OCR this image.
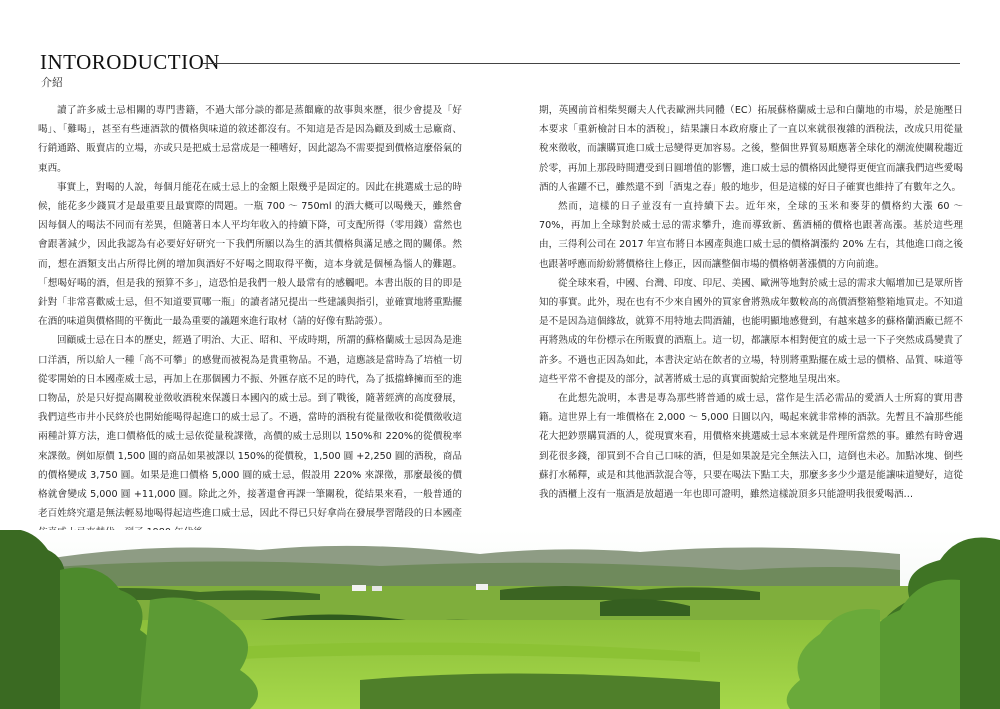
INTORODUCTION
介紹

讀了許多威士忌相關的專門書籍，不過大部分談的都是蒸餾廠的故事與來歷，很少會提及「好喝」、「難喝」，甚至有些連酒款的價格與味道的敘述都沒有。不知這是否是因為顧及到威士忌廠商、行銷通路、販賣店的立場，亦或只是把威士忌當成是一種嗜好，因此認為不需要提到價格這麼俗氣的東西。

事實上，對喝的人說，每個月能花在威士忌上的金額上限幾乎是固定的。因此在挑選威士忌的時候，能花多少錢買才是最重要且最實際的問題。一瓶 700 ～ 750ml 的酒大概可以喝幾天，雖然會因每個人的喝法不同而有差異，但隨著日本人平均年收入的持續下降，可支配所得（零用錢）當然也會跟著減少，因此我認為有必要好好研究一下我們所願以為生的酒其價格與滿足感之間的關係。然而，想在酒類支出占所得比例的增加與酒好不好喝之間取得平衡，這本身就是個極為惱人的難題。「想喝好喝的酒，但是我的預算不多」，這恐怕是我們一般人最常有的感觸吧。本書出版的目的即是針對「非常喜歡威士忌，但不知道要買哪一瓶」的讀者諸兄提出一些建議與指引，並確實地將重點擺在酒的味道與價格間的平衡此一最為重要的議題來進行取材（請的好像有點誇張）。

回顧威士忌在日本的歷史，經過了明治、大正、昭和、平成時期，所謂的蘇格蘭威士忌因為是進口洋酒，所以給人一種「高不可攀」的感覺而被視為是貴重物品。不過，這應該是當時為了培植一切從零開始的日本國產威士忌，再加上在那個國力不振、外匯存底不足的時代，為了抵擋蜂擁而至的進口物品，於是只好提高關稅並徵收酒稅來保護日本國內的威士忌。到了戰後，隨著經濟的高度發展，我們這些市井小民終於也開始能喝得起進口的威士忌了。不過，當時的酒稅有從量徵收和從價徵收這兩種計算方法，進口價格低的威士忌依從量稅課徵，高價的威士忌則以 150%和 220%的從價稅率來課徵。例如原價 1,500 圓的商品如果被課以 150%的從價稅，1,500 圓 +2,250 圓的酒稅，商品的價格變成 3,750 圓。如果是進口價格 5,000 圓的威士忌，假設用 220% 來課徵，那麼最後的價格就會變成 5,000 圓 +11,000 圓。除此之外，接著還會再課一筆關稅，從結果來看，一般普通的老百姓終究還是無法輕易地喝得起這些進口威士忌，因此不得已只好拿尚在發展學習階段的日本國產

期，英國前首相柴契爾夫人代表歐洲共同體（EC）拓展蘇格蘭威士忌和白蘭地的市場，於是施壓日本要求「重新檢討日本的酒稅」，結果讓日本政府廢止了一直以來就很複雜的酒稅法，改成只用從量稅來徵收，而讓購買進口威士忌變得更加容易。之後，整個世界貿易順應著全球化的潮流使關稅趨近於零，再加上那段時間遭受到日圓增值的影響，進口威士忌的價格因此變得更便宜而讓我們這些愛喝酒的人雀躍不已，雖然還不到「酒鬼之春」般的地步，但是這樣的好日子確實也維持了有數年之久。

然而，這樣的日子並沒有一直持續下去。近年來，全球的玉米和麥芽的價格約大漲 60 ～ 70%，再加上全球對於威士忌的需求攀升，進而導致新、舊酒桶的價格也跟著高漲。基於這些理由，三得利公司在 2017 年宣布將日本國產與進口威士忌的價格調漲約 20% 左右，其他進口商之後也跟著呼應而紛紛將價格往上修正，因而讓整個市場的價格朝著漲價的方向前進。

從全球來看，中國、台灣、印度、印尼、美國、歐洲等地對於威士忌的需求大幅增加已是眾所皆知的事實。此外，現在也有不少來自國外的買家會將熟成年數較高的高價酒整箱整箱地買走。不知道是不是因為這個緣故，就算不用特地去問酒舖，也能明顯地感覺到，有越來越多的蘇格蘭酒廠已經不再將熟成的年份標示在所販賣的酒瓶上。這一切，都讓原本相對便宜的威士忌一下子突然成爲變貴了許多。不過也正因為如此，本書決定站在飲者的立場，特別將重點擺在威士忌的價格、品質、味道等這些平常不會提及的部分，試著將威士忌的真實面貌給完整地呈現出來。

在此想先說明，本書是專為那些將普通的威士忌，當作是生活必需品的愛酒人士所寫的實用書籍。這世界上有一堆價格在 2,000 ～ 5,000 日圓以內，喝起來就非常棒的酒款。先暫且不論那些能花大把鈔票購買酒的人，從現實來看，用價格來挑選威士忌本來就是件理所當然的事。雖然有時會遇到花很多錢，卻買到不合自己口味的酒，但是如果說是完全無法入口，這倒也未必。加點冰塊、倒些蘇打水稀釋，或是和其他酒款混合等，只要在喝法下點工夫，那麼多多少少還是能讓味道變好，這從我的酒櫃上沒有一瓶酒是放超過一年也即可證明，雖然這樣說頂多只能證明我很愛喝酒…
